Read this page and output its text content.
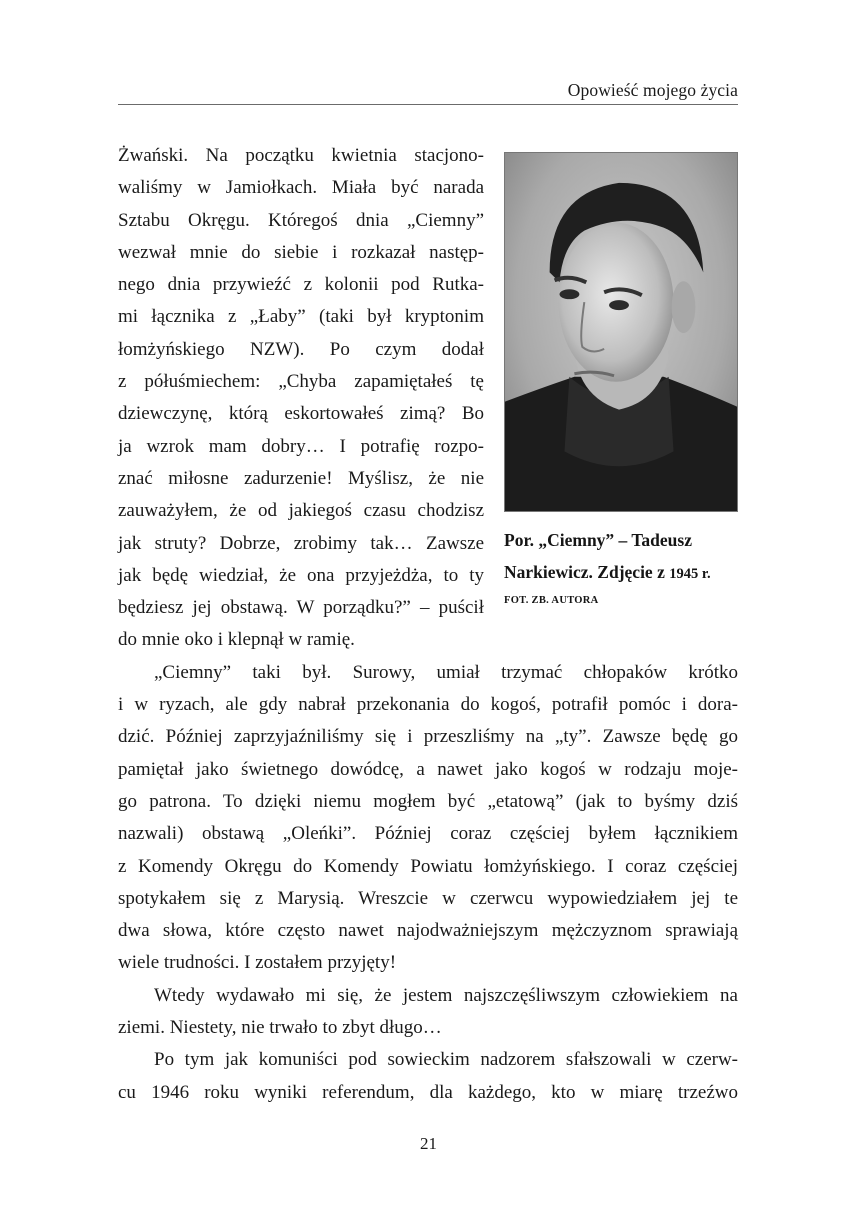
Opowieść mojego życia
Żwański. Na początku kwietnia stacjono-
waliśmy w Jamiołkach. Miała być narada
Sztabu Okręgu. Któregoś dnia „Ciemny”
wezwał mnie do siebie i rozkazał następ-
nego dnia przywieźć z kolonii pod Rutka-
mi łącznika z „Łaby” (taki był kryptonim
łomżyńskiego NZW). Po czym dodał
z półuśmiechem: „Chyba zapamiętałeś tę
dziewczynę, którą eskortowałeś zimą? Bo
ja wzrok mam dobry… I potrafię rozpo-
znać miłosne zadurzenie! Myślisz, że nie
zauważyłem, że od jakiegoś czasu chodzisz
jak struty? Dobrze, zrobimy tak… Zawsze
jak będę wiedział, że ona przyjeżdża, to ty
będziesz jej obstawą. W porządku?” – puścił
do mnie oko i klepnął w ramię.
„Ciemny” taki był. Surowy, umiał trzymać chłopaków krótko
i w ryzach, ale gdy nabrał przekonania do kogoś, potrafił pomóc i dora-
dzić. Później zaprzyjaźniliśmy się i przeszliśmy na „ty”. Zawsze będę go
pamiętał jako świetnego dowódcę, a nawet jako kogoś w rodzaju moje-
go patrona. To dzięki niemu mogłem być „etatową” (jak to byśmy dziś
nazwali) obstawą „Oleńki”. Później coraz częściej byłem łącznikiem
z Komendy Okręgu do Komendy Powiatu łomżyńskiego. I coraz częściej
spotykałem się z Marysią. Wreszcie w czerwcu wypowiedziałem jej te
dwa słowa, które często nawet najodważniejszym mężczyznom sprawiają
wiele trudności. I zostałem przyjęty!
Wtedy wydawało mi się, że jestem najszczęśliwszym człowiekiem na
ziemi. Niestety, nie trwało to zbyt długo…
Po tym jak komuniści pod sowieckim nadzorem sfałszowali w czerw-
cu 1946 roku wyniki referendum, dla każdego, kto w miarę trzeźwo
Por. „Ciemny” – Tadeusz
Narkiewicz. Zdjęcie z 1945 r.
FOT. ZB. AUTORA
21
